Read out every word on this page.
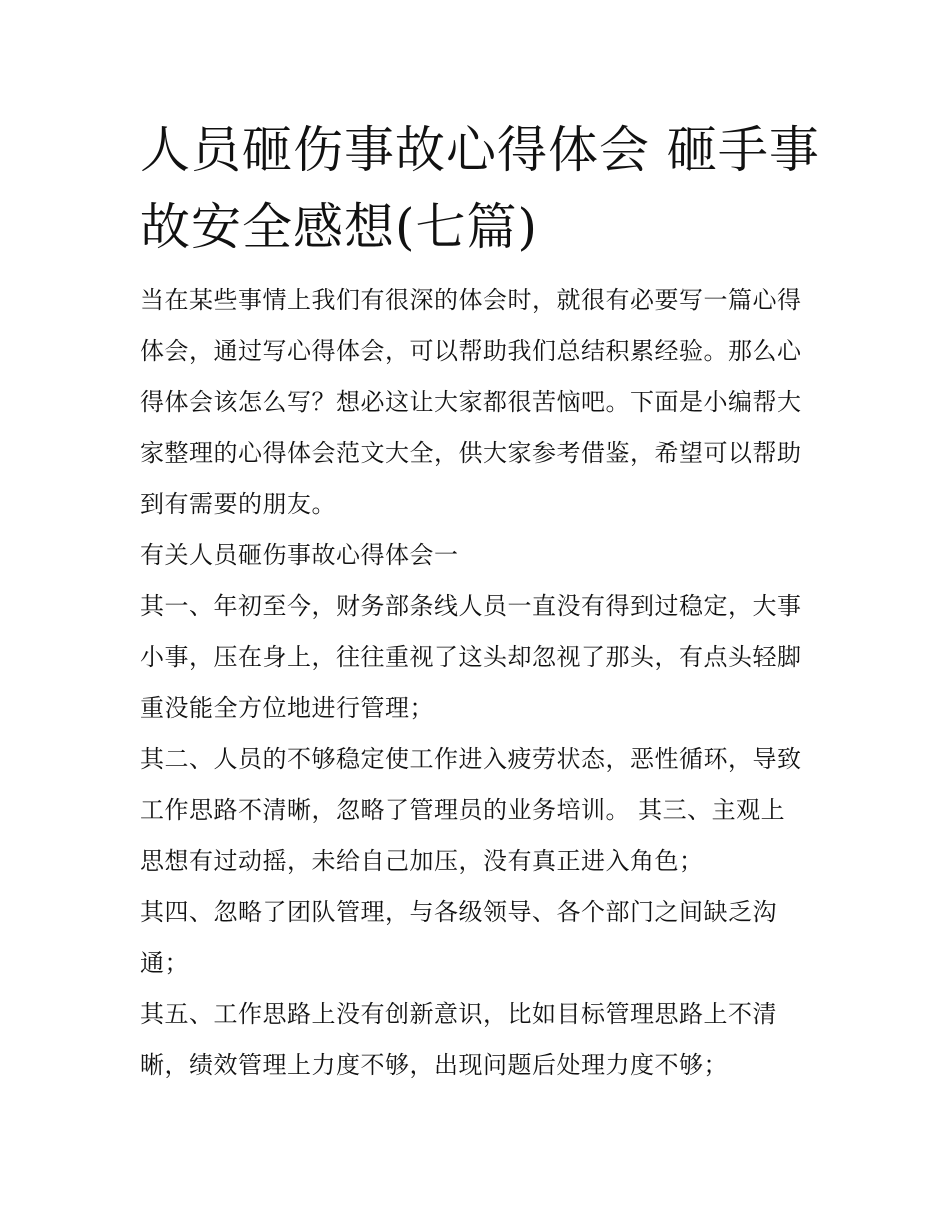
人员砸伤事故心得体会 砸手事
故安全感想(七篇)
当在某些事情上我们有很深的体会时，就很有必要写一篇心得
体会，通过写心得体会，可以帮助我们总结积累经验。那么心
得体会该怎么写？想必这让大家都很苦恼吧。下面是小编帮大
家整理的心得体会范文大全，供大家参考借鉴，希望可以帮助
到有需要的朋友。
有关人员砸伤事故心得体会一
其一、年初至今，财务部条线人员一直没有得到过稳定，大事
小事，压在身上，往往重视了这头却忽视了那头，有点头轻脚
重没能全方位地进行管理；
其二、人员的不够稳定使工作进入疲劳状态，恶性循环，导致
工作思路不清晰，忽略了管理员的业务培训。 其三、主观上
思想有过动摇，未给自己加压，没有真正进入角色；
其四、忽略了团队管理，与各级领导、各个部门之间缺乏沟
通；
其五、工作思路上没有创新意识，比如目标管理思路上不清
晰，绩效管理上力度不够，出现问题后处理力度不够；
